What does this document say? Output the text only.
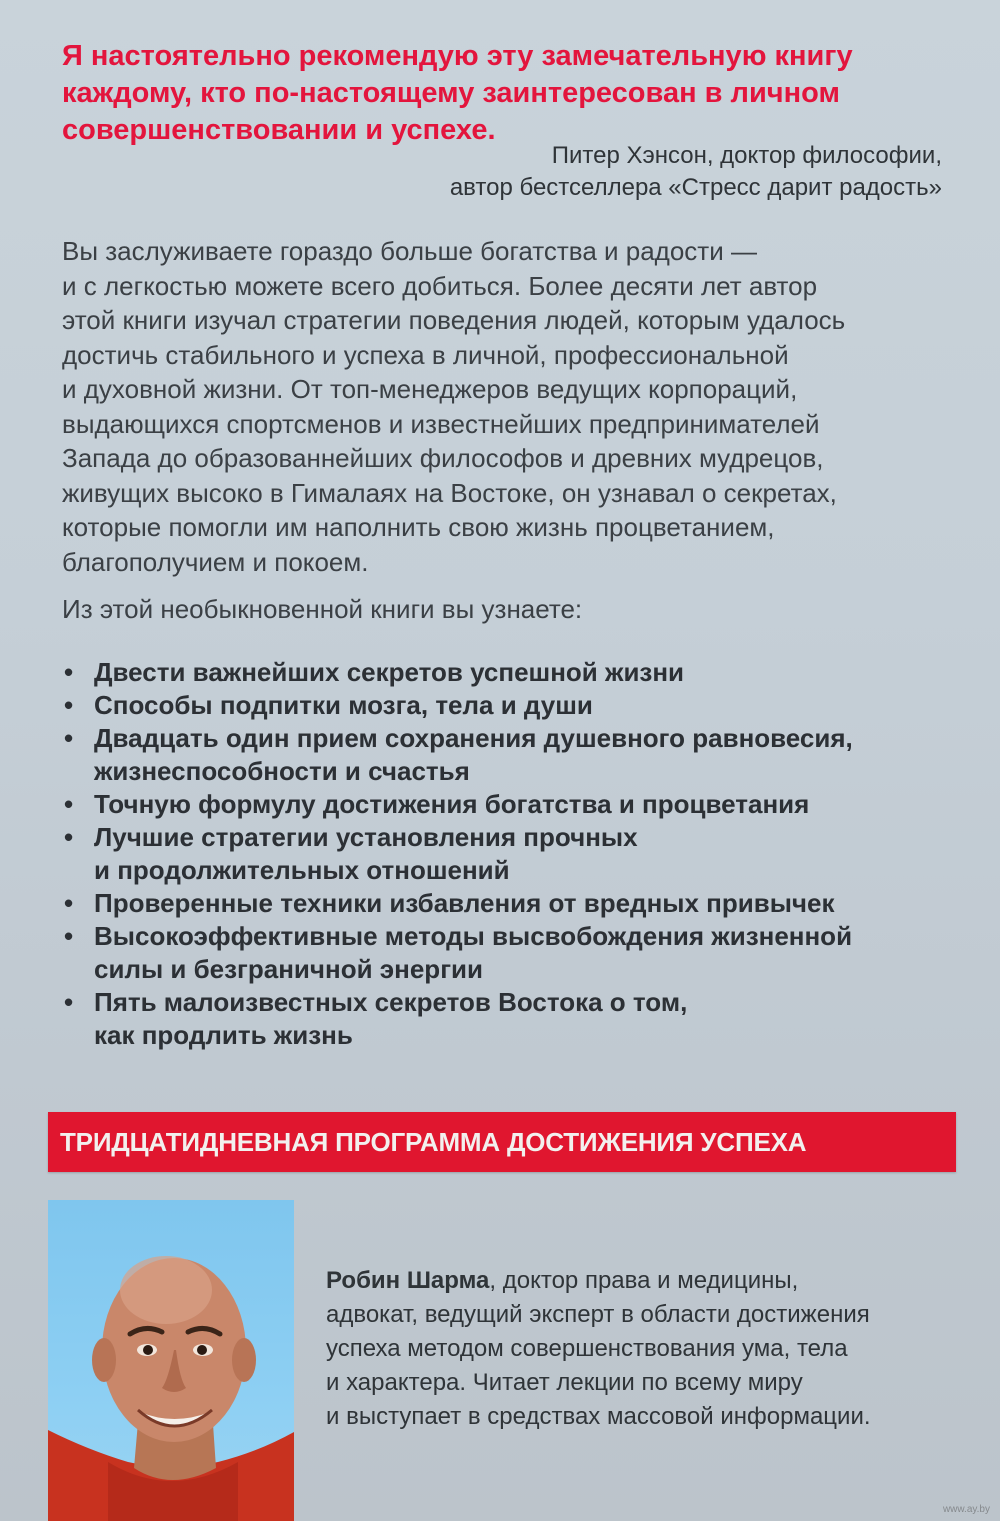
Я настоятельно рекомендую эту замечательную книгу
каждому, кто по-настоящему заинтересован в личном
совершенствовании и успехе.

Питер Хэнсон, доктор философии,
автор бестселлера «Стресс дарит радость»

Вы заслуживаете гораздо больше богатства и радости —
и с легкостью можете всего добиться. Более десяти лет автор
этой книги изучал стратегии поведения людей, которым удалось
достичь стабильного и успеха в личной, профессиональной
и духовной жизни. От топ-менеджеров ведущих корпораций,
выдающихся спортсменов и известнейших предпринимателей
Запада до образованнейших философов и древних мудрецов,
живущих высоко в Гималаях на Востоке, он узнавал о секретах,
которые помогли им наполнить свою жизнь процветанием,
благополучием и покоем.

Из этой необыкновенной книги вы узнаете:

• Двести важнейших секретов успешной жизни
• Способы подпитки мозга, тела и души
• Двадцать один прием сохранения душевного равновесия,
жизнеспособности и счастья
• Точную формулу достижения богатства и процветания
• Лучшие стратегии установления прочных
и продолжительных отношений
• Проверенные техники избавления от вредных привычек
• Высокоэффективные методы высвобождения жизненной
силы и безграничной энергии
• Пять малоизвестных секретов Востока о том,
как продлить жизнь
ТРИДЦАТИДНЕВНАЯ ПРОГРАММА ДОСТИЖЕНИЯ УСПЕХА

Робин Шарма, доктор права и медицины,
адвокат, ведущий эксперт в области достижения
успеха методом совершенствования ума, тела
и характера. Читает лекции по всему миру
и выступает в средствах массовой информации.

www.ay.by
